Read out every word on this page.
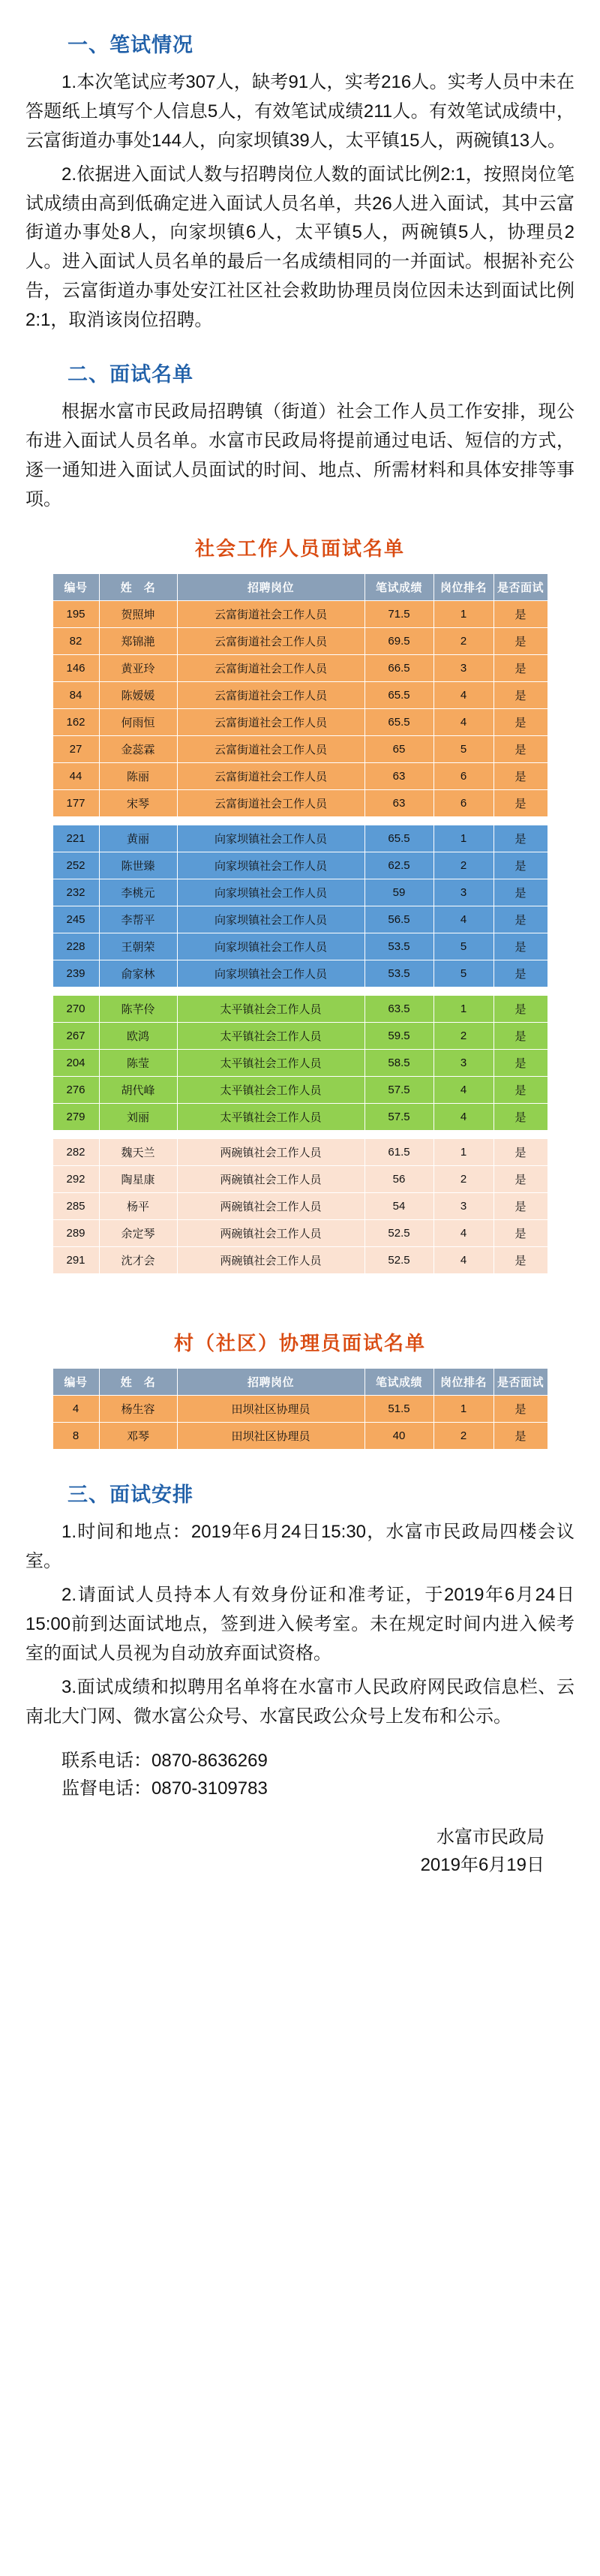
一、笔试情况

1.本次笔试应考307人，缺考91人，实考216人。实考人员中未在答题纸上填写个人信息5人，有效笔试成绩211人。有效笔试成绩中，云富街道办事处144人，向家坝镇39人，太平镇15人，两碗镇13人。

2.依据进入面试人数与招聘岗位人数的面试比例2:1，按照岗位笔试成绩由高到低确定进入面试人员名单，共26人进入面试，其中云富街道办事处8人，向家坝镇6人，太平镇5人，两碗镇5人，协理员2人。进入面试人员名单的最后一名成绩相同的一并面试。根据补充公告，云富街道办事处安江社区社会救助协理员岗位因未达到面试比例2:1，取消该岗位招聘。

二、面试名单

根据水富市民政局招聘镇（街道）社会工作人员工作安排，现公布进入面试人员名单。水富市民政局将提前通过电话、短信的方式，逐一通知进入面试人员面试的时间、地点、所需材料和具体安排等事项。

社会工作人员面试名单
编号	姓　名	招聘岗位	笔试成绩	岗位排名	是否面试
195	贺照坤	云富街道社会工作人员	71.5	1	是
82	郑锦滟	云富街道社会工作人员	69.5	2	是
146	黄亚玲	云富街道社会工作人员	66.5	3	是
84	陈嫒媛	云富街道社会工作人员	65.5	4	是
162	何雨恒	云富街道社会工作人员	65.5	4	是
27	金蕊霖	云富街道社会工作人员	65	5	是
44	陈丽	云富街道社会工作人员	63	6	是
177	宋琴	云富街道社会工作人员	63	6	是

221	黄丽	向家坝镇社会工作人员	65.5	1	是
252	陈世臻	向家坝镇社会工作人员	62.5	2	是
232	李桃元	向家坝镇社会工作人员	59	3	是
245	李帮平	向家坝镇社会工作人员	56.5	4	是
228	王朝荣	向家坝镇社会工作人员	53.5	5	是
239	俞家林	向家坝镇社会工作人员	53.5	5	是

270	陈芊伶	太平镇社会工作人员	63.5	1	是
267	欧鸿	太平镇社会工作人员	59.5	2	是
204	陈莹	太平镇社会工作人员	58.5	3	是
276	胡代峰	太平镇社会工作人员	57.5	4	是
279	刘丽	太平镇社会工作人员	57.5	4	是

282	魏天兰	两碗镇社会工作人员	61.5	1	是
292	陶星康	两碗镇社会工作人员	56	2	是
285	杨平	两碗镇社会工作人员	54	3	是
289	余定琴	两碗镇社会工作人员	52.5	4	是
291	沈才会	两碗镇社会工作人员	52.5	4	是
村（社区）协理员面试名单
编号	姓　名	招聘岗位	笔试成绩	岗位排名	是否面试
4	杨生容	田坝社区协理员	51.5	1	是
8	邓琴	田坝社区协理员	40	2	是
三、面试安排

1.时间和地点：2019年6月24日15:30，水富市民政局四楼会议室。

2.请面试人员持本人有效身份证和准考证，于2019年6月24日15:00前到达面试地点，签到进入候考室。未在规定时间内进入候考室的面试人员视为自动放弃面试资格。

3.面试成绩和拟聘用名单将在水富市人民政府网民政信息栏、云南北大门网、微水富公众号、水富民政公众号上发布和公示。

联系电话：0870-8636269

监督电话：0870-3109783

水富市民政局

2019年6月19日
